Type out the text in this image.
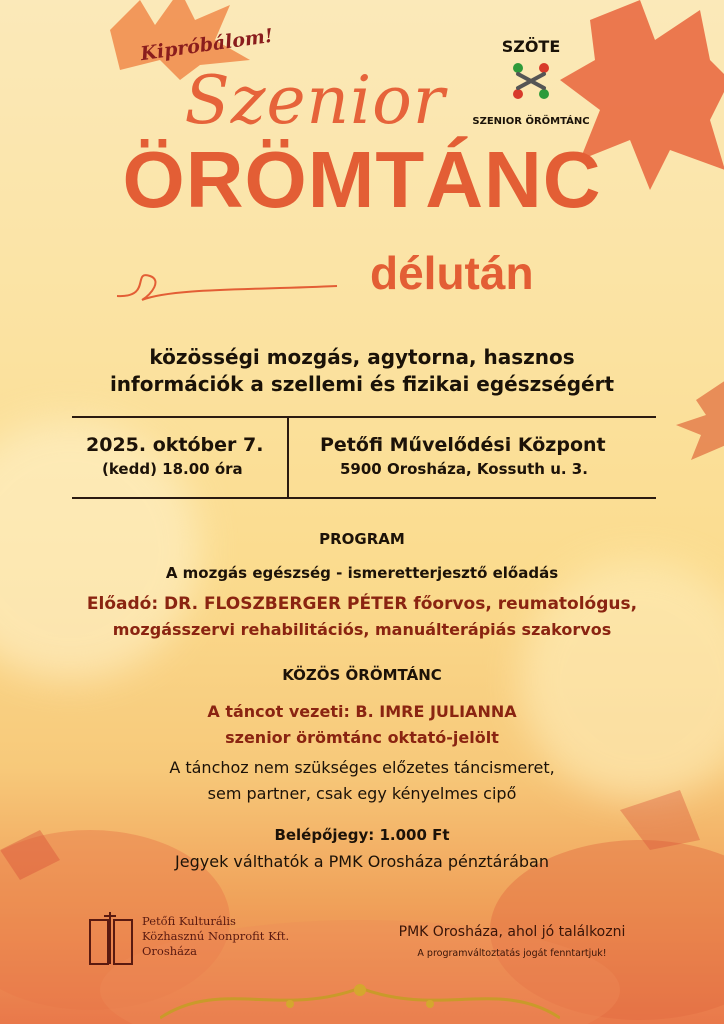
Kipróbálom!
Szenior
ÖRÖMTÁNC
délután
SZÖTE
SZENIOR ÖRÖMTÁNC
közösségi mozgás, agytorna, hasznos
információk a szellemi és fizikai egészségért
2025. október 7.
(kedd) 18.00 óra
Petőfi Művelődési Központ
5900 Orosháza, Kossuth u. 3.
PROGRAM
A mozgás egészség - ismeretterjesztő előadás
Előadó: DR. FLOSZBERGER PÉTER főorvos, reumatológus,
mozgásszervi rehabilitációs, manuálterápiás szakorvos
KÖZÖS ÖRÖMTÁNC
A táncot vezeti: B. IMRE JULIANNA
szenior örömtánc oktató-jelölt
A tánchoz nem szükséges előzetes táncismeret,
sem partner, csak egy kényelmes cipő
Belépőjegy: 1.000 Ft
Jegyek válthatók a PMK Orosháza pénztárában
Petőfi Kulturális
Közhasznú Nonprofit Kft.
Orosháza
PMK Orosháza, ahol jó találkozni
A programváltoztatás jogát fenntartjuk!
